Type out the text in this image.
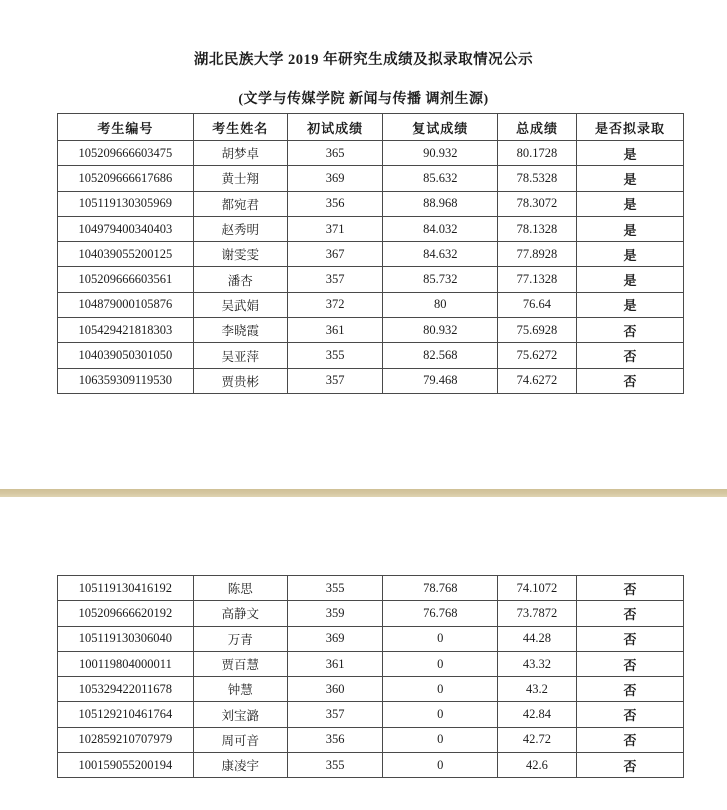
湖北民族大学 2019 年研究生成绩及拟录取情况公示
(文学与传媒学院 新闻与传播 调剂生源)
考生编号	考生姓名	初试成绩	复试成绩	总成绩	是否拟录取
105209666603475	胡梦卓	365	90.932	80.1728	是
105209666617686	黄士翔	369	85.632	78.5328	是
105119130305969	都宛君	356	88.968	78.3072	是
104979400340403	赵秀明	371	84.032	78.1328	是
104039055200125	谢雯雯	367	84.632	77.8928	是
105209666603561	潘杏	357	85.732	77.1328	是
104879000105876	吴武娟	372	80	76.64	是
105429421818303	李晓霞	361	80.932	75.6928	否
104039050301050	吴亚萍	355	82.568	75.6272	否
106359309119530	贾贵彬	357	79.468	74.6272	否
105119130416192	陈思	355	78.768	74.1072	否
105209666620192	高静文	359	76.768	73.7872	否
105119130306040	万青	369	0	44.28	否
100119804000011	贾百慧	361	0	43.32	否
105329422011678	钟慧	360	0	43.2	否
105129210461764	刘宝潞	357	0	42.84	否
102859210707979	周可音	356	0	42.72	否
100159055200194	康凌宇	355	0	42.6	否
